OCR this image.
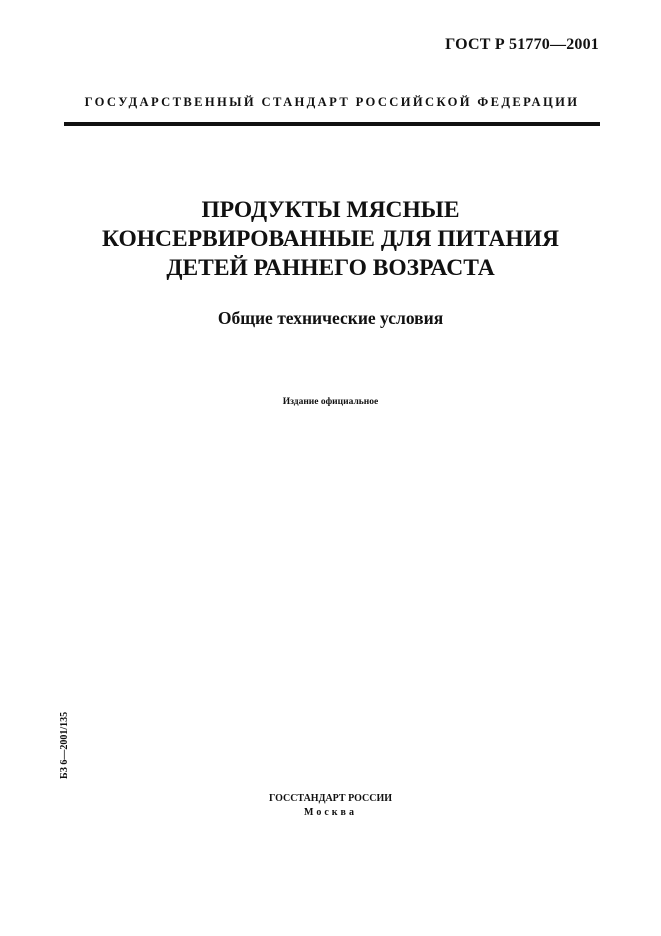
ГОСТ Р 51770—2001
ГОСУДАРСТВЕННЫЙ СТАНДАРТ РОССИЙСКОЙ ФЕДЕРАЦИИ
ПРОДУКТЫ МЯСНЫЕ
КОНСЕРВИРОВАННЫЕ ДЛЯ ПИТАНИЯ
ДЕТЕЙ РАННЕГО ВОЗРАСТА
Общие технические условия
Издание официальное
БЗ 6—2001/135
ГОССТАНДАРТ РОССИИ
Москва
